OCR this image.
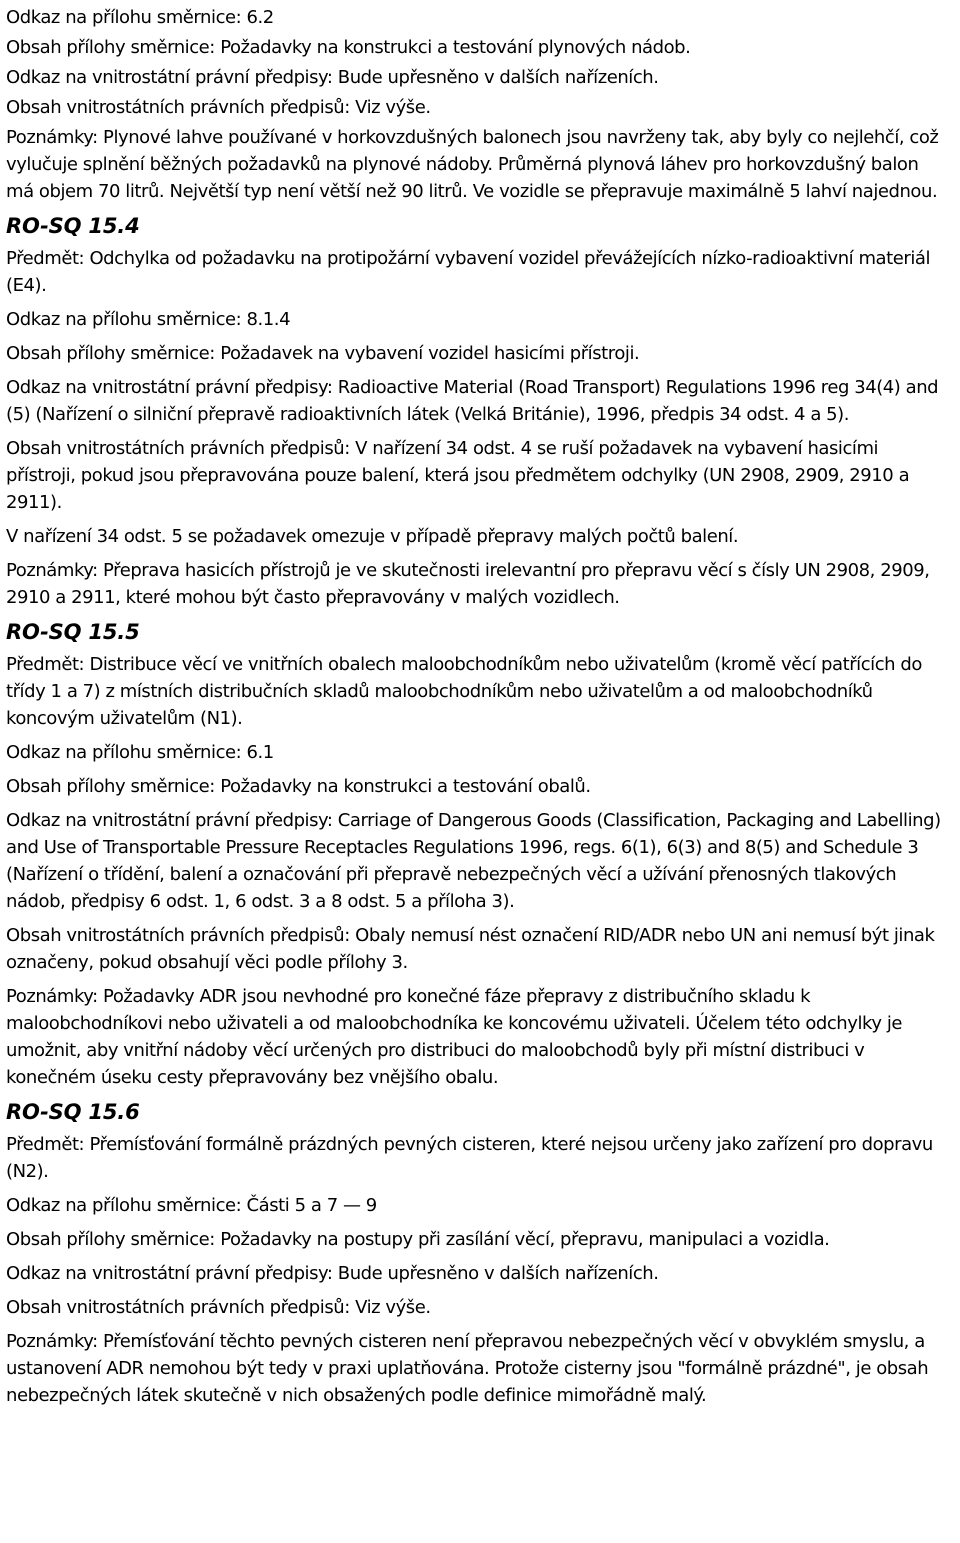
Odkaz na přílohu směrnice: 6.2

Obsah přílohy směrnice: Požadavky na konstrukci a testování plynových nádob.

Odkaz na vnitrostátní právní předpisy: Bude upřesněno v dalších nařízeních.

Obsah vnitrostátních právních předpisů: Viz výše.

Poznámky: Plynové lahve používané v horkovzdušných balonech jsou navrženy tak, aby byly co nejlehčí, což vylučuje splnění běžných požadavků na plynové nádoby. Průměrná plynová láhev pro horkovzdušný balon má objem 70 litrů. Největší typ není větší než 90 litrů. Ve vozidle se přepravuje maximálně 5 lahví najednou.

RO-SQ 15.4

Předmět: Odchylka od požadavku na protipožární vybavení vozidel převážejících nízko-radioaktivní materiál (E4).

Odkaz na přílohu směrnice: 8.1.4

Obsah přílohy směrnice: Požadavek na vybavení vozidel hasicími přístroji.

Odkaz na vnitrostátní právní předpisy: Radioactive Material (Road Transport) Regulations 1996 reg 34(4) and (5) (Nařízení o silniční přepravě radioaktivních látek (Velká Británie), 1996, předpis 34 odst. 4 a 5).

Obsah vnitrostátních právních předpisů: V nařízení 34 odst. 4 se ruší požadavek na vybavení hasicími přístroji, pokud jsou přepravována pouze balení, která jsou předmětem odchylky (UN 2908, 2909, 2910 a 2911).

V nařízení 34 odst. 5 se požadavek omezuje v případě přepravy malých počtů balení.

Poznámky: Přeprava hasicích přístrojů je ve skutečnosti irelevantní pro přepravu věcí s čísly UN 2908, 2909, 2910 a 2911, které mohou být často přepravovány v malých vozidlech.

RO-SQ 15.5

Předmět: Distribuce věcí ve vnitřních obalech maloobchodníkům nebo uživatelům (kromě věcí patřících do třídy 1 a 7) z místních distribučních skladů maloobchodníkům nebo uživatelům a od maloobchodníků koncovým uživatelům (N1).

Odkaz na přílohu směrnice: 6.1

Obsah přílohy směrnice: Požadavky na konstrukci a testování obalů.

Odkaz na vnitrostátní právní předpisy: Carriage of Dangerous Goods (Classification, Packaging and Labelling) and Use of Transportable Pressure Receptacles Regulations 1996, regs. 6(1), 6(3) and 8(5) and Schedule 3 (Nařízení o třídění, balení a označování při přepravě nebezpečných věcí a užívání přenosných tlakových nádob, předpisy 6 odst. 1, 6 odst. 3 a 8 odst. 5 a příloha 3).

Obsah vnitrostátních právních předpisů: Obaly nemusí nést označení RID/ADR nebo UN ani nemusí být jinak označeny, pokud obsahují věci podle přílohy 3.

Poznámky: Požadavky ADR jsou nevhodné pro konečné fáze přepravy z distribučního skladu k maloobchodníkovi nebo uživateli a od maloobchodníka ke koncovému uživateli. Účelem této odchylky je umožnit, aby vnitřní nádoby věcí určených pro distribuci do maloobchodů byly při místní distribuci v konečném úseku cesty přepravovány bez vnějšího obalu.

RO-SQ 15.6

Předmět: Přemísťování formálně prázdných pevných cisteren, které nejsou určeny jako zařízení pro dopravu (N2).

Odkaz na přílohu směrnice: Části 5 a 7 — 9

Obsah přílohy směrnice: Požadavky na postupy při zasílání věcí, přepravu, manipulaci a vozidla.

Odkaz na vnitrostátní právní předpisy: Bude upřesněno v dalších nařízeních.

Obsah vnitrostátních právních předpisů: Viz výše.

Poznámky: Přemísťování těchto pevných cisteren není přepravou nebezpečných věcí v obvyklém smyslu, a ustanovení ADR nemohou být tedy v praxi uplatňována. Protože cisterny jsou "formálně prázdné", je obsah nebezpečných látek skutečně v nich obsažených podle definice mimořádně malý.
